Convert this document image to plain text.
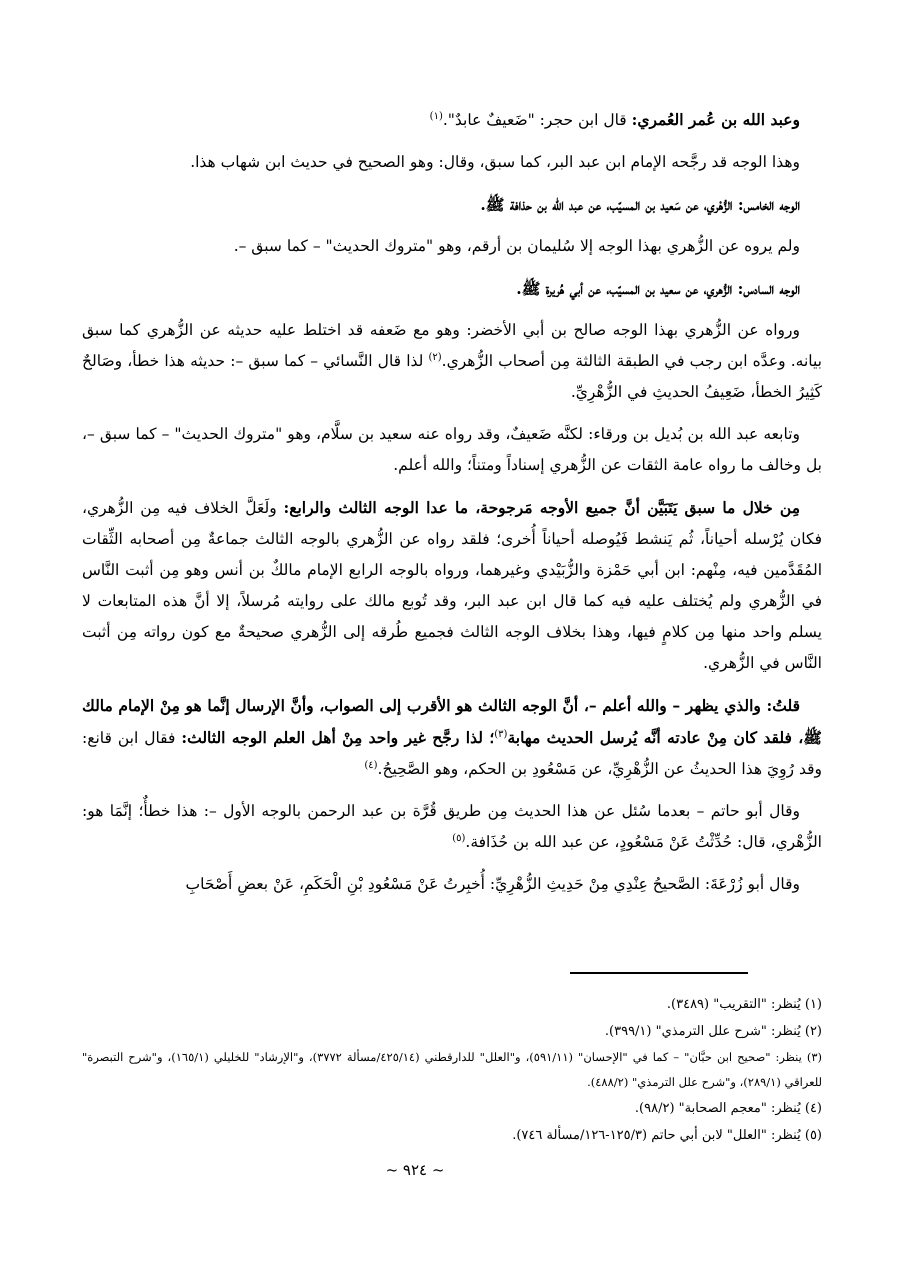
وعبد الله بن عُمر العُمري: قال ابن حجر: "ضَعيفٌ عابدٌ".$^{(١)}$

وهذا الوجه قد رجَّحه الإمام ابن عبد البر، كما سبق، وقال: وهو الصحيح في حديث ابن شهاب هذا.

الوجه الخامس: الزُّهْري، عن سَعيد بن المسيّب، عن عبد الله بن حذافة ﷺ.

ولم يروه عن الزُّهري بهذا الوجه إلا سُليمان بن أرقم، وهو "متروك الحديث" – كما سبق –.

الوجه السادس: الزُّهري، عن سعيد بن المسيّب، عن أبي هُريرة ﷺ.

ورواه عن الزُّهري بهذا الوجه صالح بن أبي الأخضر: وهو مع ضَعفه قد اختلط عليه حديثه عن الزُّهري كما سبق بيانه. وعدَّه ابن رجب في الطبقة الثالثة مِن أصحاب الزُّهري.$^{(٢)}$ لذا قال النَّسائي – كما سبق –: حديثه هذا خطأ، وصَالحٌ كَثِيرُ الخطأ، ضَعِيفُ الحديثِ في الزُّهْرِيِّ.

وتابعه عبد الله بن بُديل بن ورقاء: لكنَّه ضَعيفٌ، وقد رواه عنه سعيد بن سلَّام، وهو "متروك الحديث" – كما سبق –، بل وخالف ما رواه عامة الثقات عن الزُّهري إسناداً ومتناً؛ والله أعلم.

مِن خلال ما سبق يَتَبَيَّن أنَّ جميع الأوجه مَرجوحة، ما عدا الوجه الثالث والرابع: ولَعَلَّ الخلاف فيه مِن الزُّهري، فكان يُرْسله أحياناً، ثُم يَنشط فَيُوصله أحياناً أُخرى؛ فلقد رواه عن الزُّهري بالوجه الثالث جماعةٌ مِن أصحابه الثِّقات المُقَدَّمين فيه، مِنْهم: ابن أبي حَمْزة والزُّبَيْدي وغيرهما، ورواه بالوجه الرابع الإمام مالكٌ بن أنس وهو مِن أثبت النَّاس في الزُّهري ولم يُختلف عليه فيه كما قال ابن عبد البر، وقد تُوبع مالك على روايته مُرسلاً، إلا أنَّ هذه المتابعات لا يسلم واحد منها مِن كلامٍ فيها، وهذا بخلاف الوجه الثالث فجميع طُرقه إلى الزُّهري صحيحةٌ مع كون رواته مِن أثبت النَّاس في الزُّهري.

قلتُ: والذي يظهر – والله أعلم –، أنَّ الوجه الثالث هو الأقرب إلى الصواب، وأنَّ الإرسال إنَّما هو مِنْ الإمام مالك ﷺ، فلقد كان مِنْ عادته أنَّه يُرسل الحديث مهابة$^{(٣)}$؛ لذا رجَّح غير واحد مِنْ أهل العلم الوجه الثالث: فقال ابن قانع: وقد رُوِيَ هذا الحديثُ عن الزُّهْرِيِّ، عن مَسْعُودِ بن الحكم، وهو الصَّحِيحُ.$^{(٤)}$

وقال أبو حاتم – بعدما سُئل عن هذا الحديث مِن طريق قُرَّة بن عبد الرحمن بالوجه الأول –: هذا خطأٌ؛ إنَّمَا هو: الزُّهْري، قال: حُدِّثْتُ عَنْ مَسْعُودٍ، عن عبد الله بن حُذَافة.$^{(٥)}$

وقال أبو زُرْعَةَ: الصَّحيحُ عِنْدِي مِنْ حَدِيثِ الزُّهْرِيِّ: أُخبِرتُ عَنْ مَسْعُودِ بْنِ الْحَكَمِ، عَنْ بعضِ أَصْحَابِ

(١) يُنظر: "التقريب" (٣٤٨٩).

(٢) يُنظر: "شرح علل الترمذي" (٣٩٩/١).

(٣) ينظر: "صحيح ابن حبَّان" – كما في "الإحسان" (٥٩١/١١)، و"العلل" للدارقطني (٤٢٥/١٤/مسألة ٣٧٧٢)، و"الإرشاد" للخليلي (١٦٥/١)، و"شرح التبصرة" للعراقي (٢٨٩/١)، و"شرح علل الترمذي" (٤٨٨/٢).

(٤) يُنظر: "معجم الصحابة" (٩٨/٢).

(٥) يُنظر: "العلل" لابن أبي حاتم (١٢٥/٣-١٢٦/مسألة ٧٤٦).

~ ٩٢٤ ~
